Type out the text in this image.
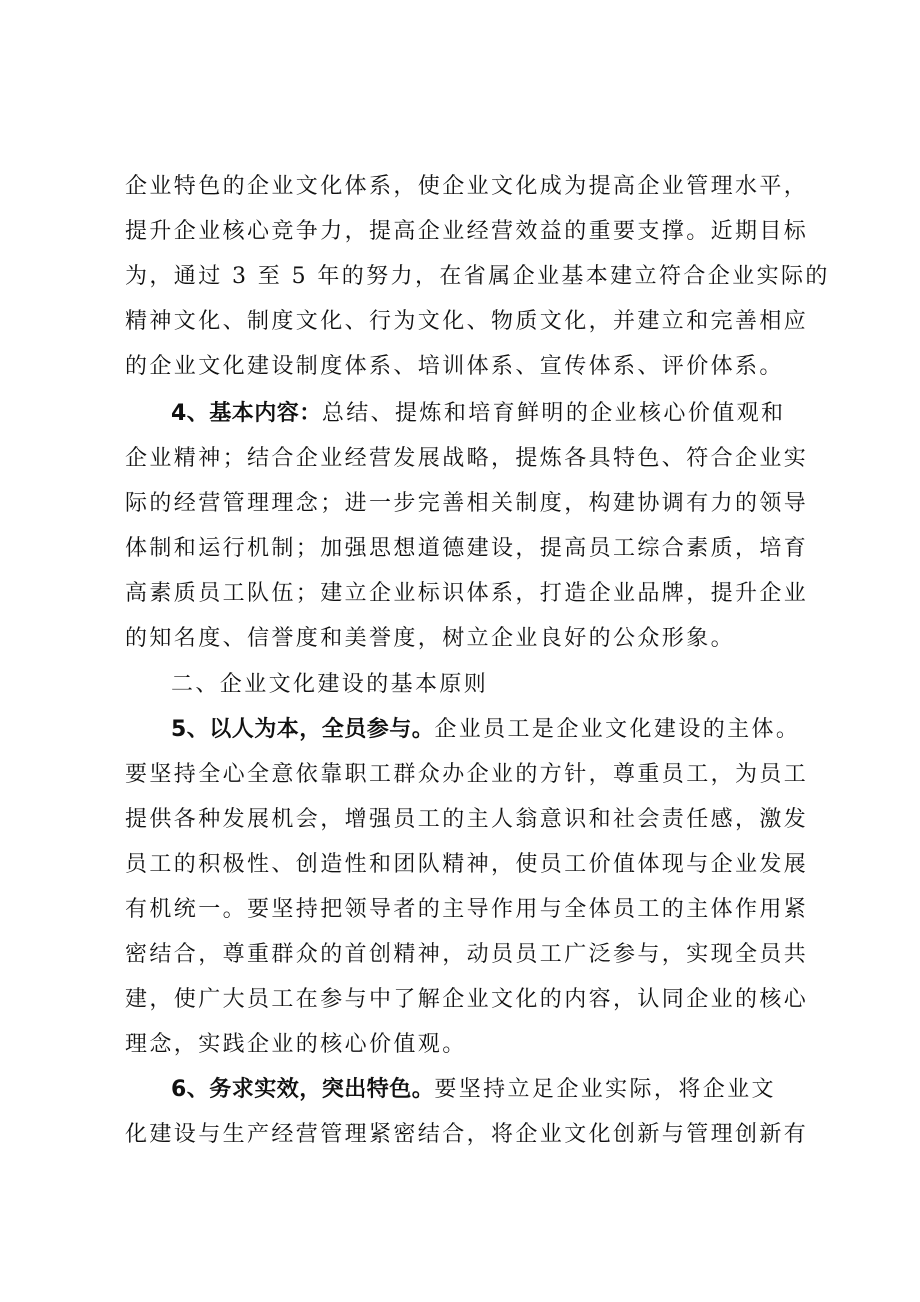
企业特色的企业文化体系，使企业文化成为提高企业管理水平，
提升企业核心竞争力，提高企业经营效益的重要支撑。近期目标
为，通过 3 至 5 年的努力，在省属企业基本建立符合企业实际的
精神文化、制度文化、行为文化、物质文化，并建立和完善相应
的企业文化建设制度体系、培训体系、宣传体系、评价体系。
4、基本内容：总结、提炼和培育鲜明的企业核心价值观和
企业精神；结合企业经营发展战略，提炼各具特色、符合企业实
际的经营管理理念；进一步完善相关制度，构建协调有力的领导
体制和运行机制；加强思想道德建设，提高员工综合素质，培育
高素质员工队伍；建立企业标识体系，打造企业品牌，提升企业
的知名度、信誉度和美誉度，树立企业良好的公众形象。
二、企业文化建设的基本原则
5、以人为本，全员参与。企业员工是企业文化建设的主体。
要坚持全心全意依靠职工群众办企业的方针，尊重员工，为员工
提供各种发展机会，增强员工的主人翁意识和社会责任感，激发
员工的积极性、创造性和团队精神，使员工价值体现与企业发展
有机统一。要坚持把领导者的主导作用与全体员工的主体作用紧
密结合，尊重群众的首创精神，动员员工广泛参与，实现全员共
建，使广大员工在参与中了解企业文化的内容，认同企业的核心
理念，实践企业的核心价值观。
6、务求实效，突出特色。要坚持立足企业实际，将企业文
化建设与生产经营管理紧密结合，将企业文化创新与管理创新有
